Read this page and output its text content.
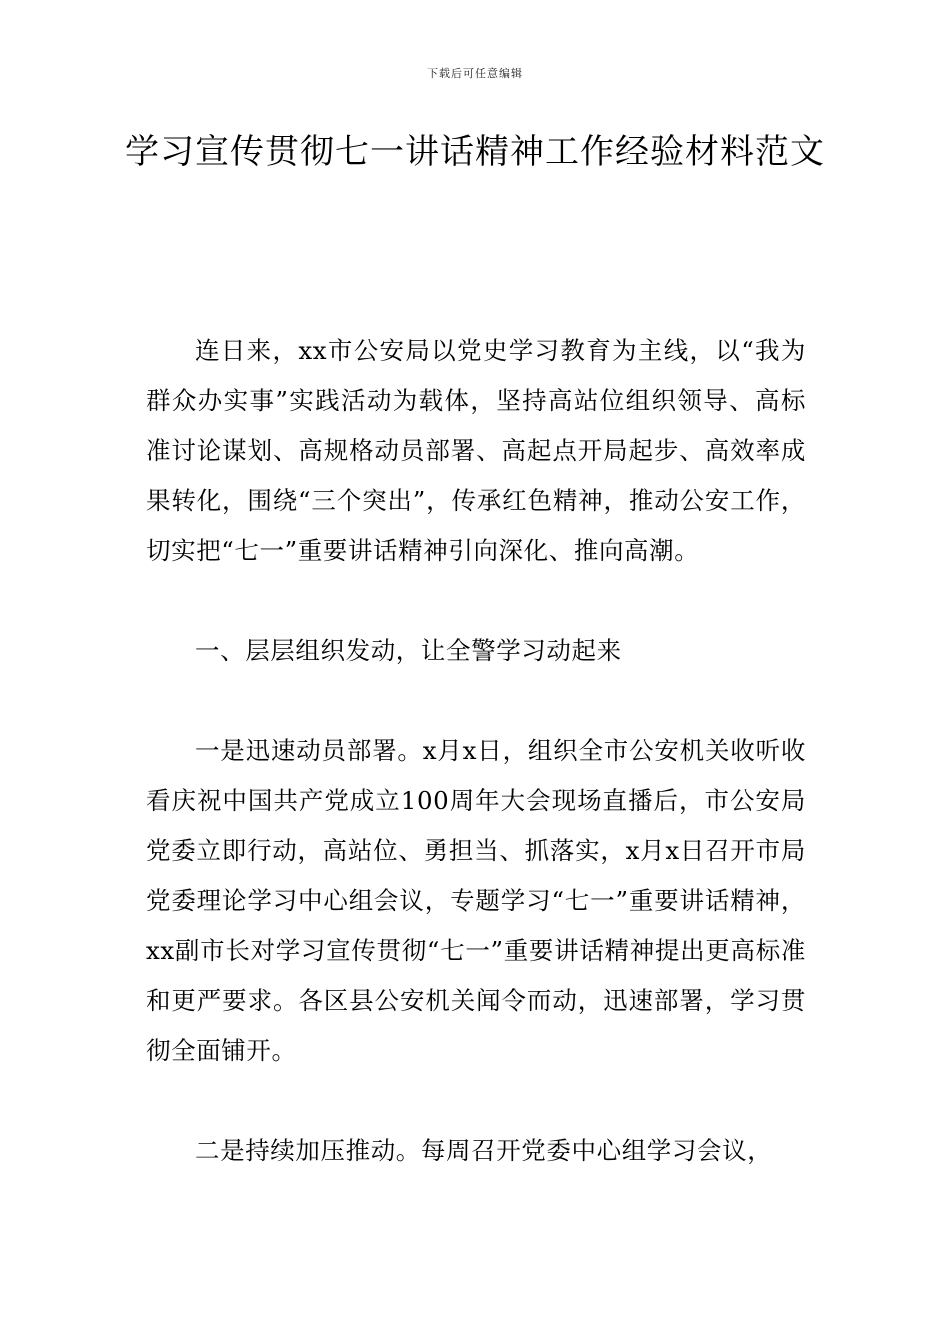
下载后可任意编辑
学习宣传贯彻七一讲话精神工作经验材料范文

连日来，xx市公安局以党史学习教育为主线，以“我为群众办实事”实践活动为载体，坚持高站位组织领导、高标准讨论谋划、高规格动员部署、高起点开局起步、高效率成果转化，围绕“三个突出”，传承红色精神，推动公安工作，切实把“七一”重要讲话精神引向深化、推向高潮。

一、层层组织发动，让全警学习动起来

一是迅速动员部署。x月x日，组织全市公安机关收听收看庆祝中国共产党成立100周年大会现场直播后，市公安局党委立即行动，高站位、勇担当、抓落实，x月x日召开市局党委理论学习中心组会议，专题学习“七一”重要讲话精神，xx副市长对学习宣传贯彻“七一”重要讲话精神提出更高标准和更严要求。各区县公安机关闻令而动，迅速部署，学习贯彻全面铺开。

二是持续加压推动。每周召开党委中心组学习会议，
